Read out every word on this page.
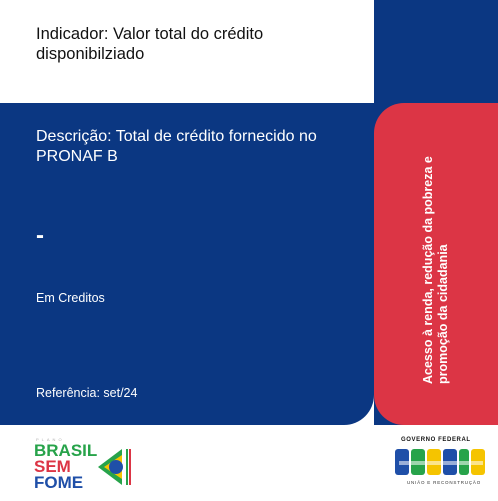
Indicador: Valor total do crédito disponibilziado
Descrição: Total de crédito fornecido no PRONAF B
-
Em Creditos
Referência: set/24
Acesso à renda, redução da pobreza e promoção da cidadania
PLANO
BRASIL
SEM
FOME
GOVERNO FEDERAL
UNIÃO E RECONSTRUÇÃO
